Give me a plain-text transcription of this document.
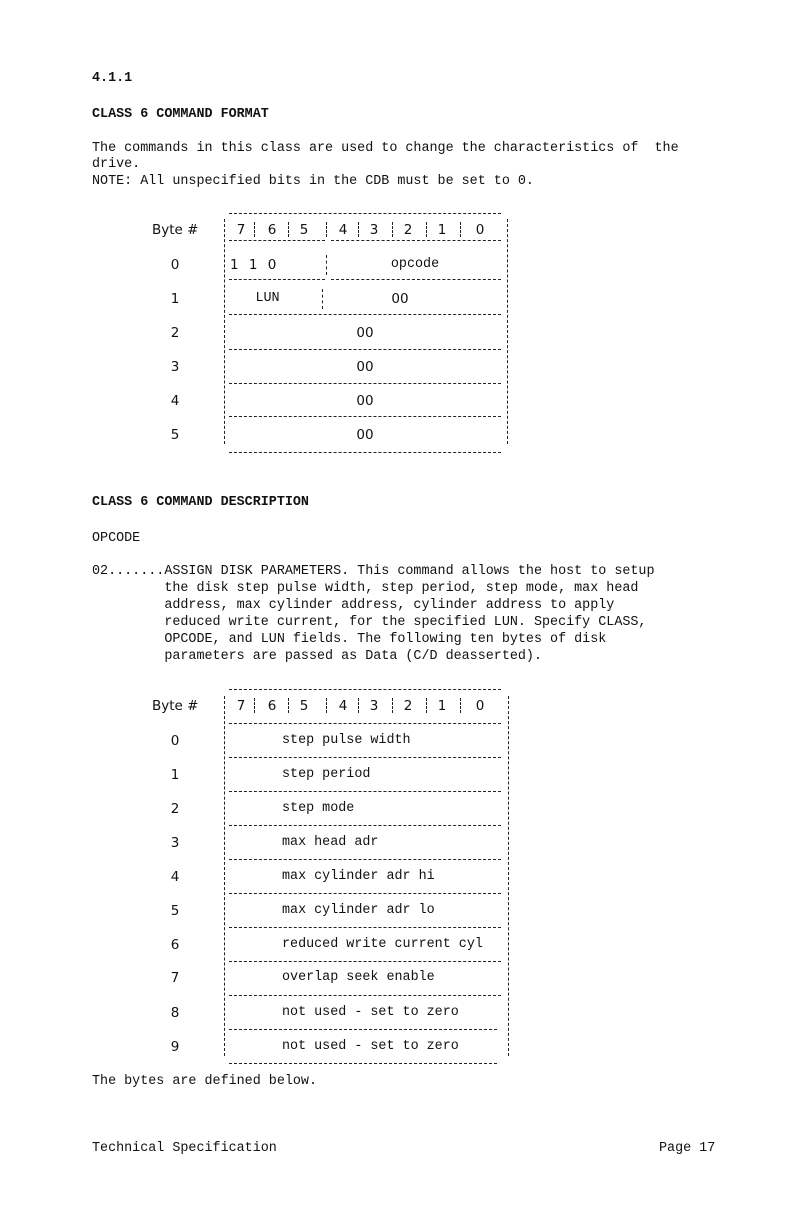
4.1.1
CLASS 6 COMMAND FORMAT
The commands in this class are used to change the characteristics of  the
drive.
NOTE: All unspecified bits in the CDB must be set to 0.
Byte #	7	6	5	4	3	2	1	0
0	1 1 0	opcode
1	LUN	00
2	00
3	00
4	00
5	00
CLASS 6 COMMAND DESCRIPTION
OPCODE
02.......ASSIGN DISK PARAMETERS. This command allows the host to setup
the disk step pulse width, step period, step mode, max head
address, max cylinder address, cylinder address to apply
reduced write current, for the specified LUN. Specify CLASS,
OPCODE, and LUN fields. The following ten bytes of disk
parameters are passed as Data (C/D deasserted).
Byte #	7	6	5	4	3	2	1	0
0	step pulse width
1	step period
2	step mode
3	max head adr
4	max cylinder adr hi
5	max cylinder adr lo
6	reduced write current cyl
7	overlap seek enable
8	not used - set to zero
9	not used - set to zero
The bytes are defined below.
Technical Specification	Page 17
